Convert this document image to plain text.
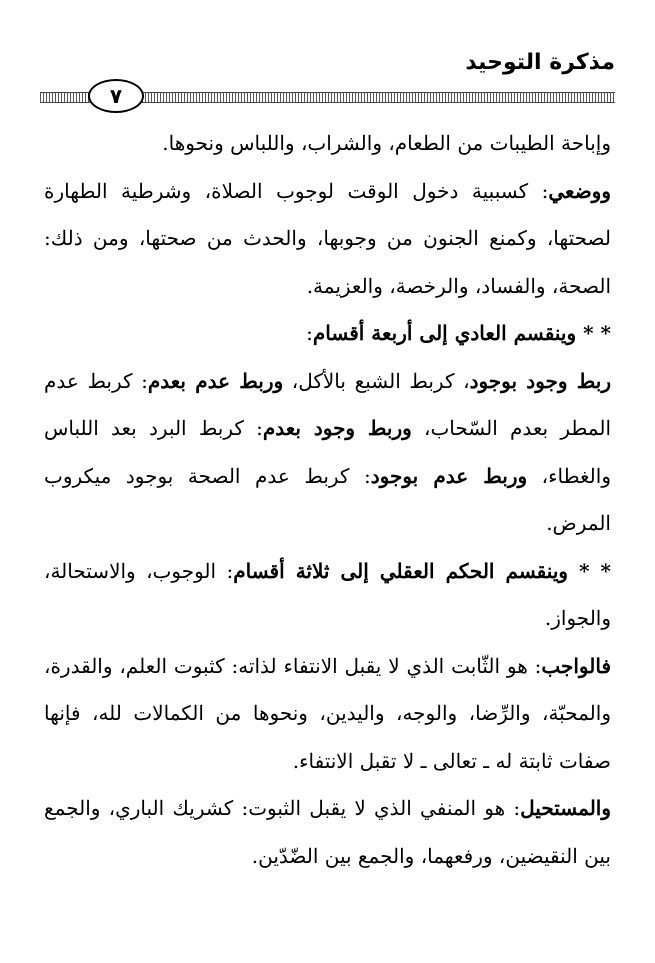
مذكرة التوحيد
٧

وإباحة الطيبات من الطعام، والشراب، واللباس ونحوها.

ووضعي: كسببية دخول الوقت لوجوب الصلاة، وشرطية الطهارة لصحتها، وكمنع الجنون من وجوبها، والحدث من صحتها، ومن ذلك: الصحة، والفساد، والرخصة، والعزيمة.

* * وينقسم العادي إلى أربعة أقسام:

ربط وجود بوجود، كربط الشبع بالأكل، وربط عدم بعدم: كربط عدم المطر بعدم السّحاب، وربط وجود بعدم: كربط البرد بعد اللباس والغطاء، وربط عدم بوجود: كربط عدم الصحة بوجود ميكروب المرض.

* * وينقسم الحكم العقلي إلى ثلاثة أقسام: الوجوب، والاستحالة، والجواز.

فالواجب: هو الثّابت الذي لا يقبل الانتفاء لذاته: كثبوت العلم، والقدرة، والمحبّة، والرِّضا، والوجه، واليدين، ونحوها من الكمالات لله، فإنها صفات ثابتة له ـ تعالى ـ لا تقبل الانتفاء.

والمستحيل: هو المنفي الذي لا يقبل الثبوت: كشريك الباري، والجمع بين النقيضين، ورفعهما، والجمع بين الضّدّين.
